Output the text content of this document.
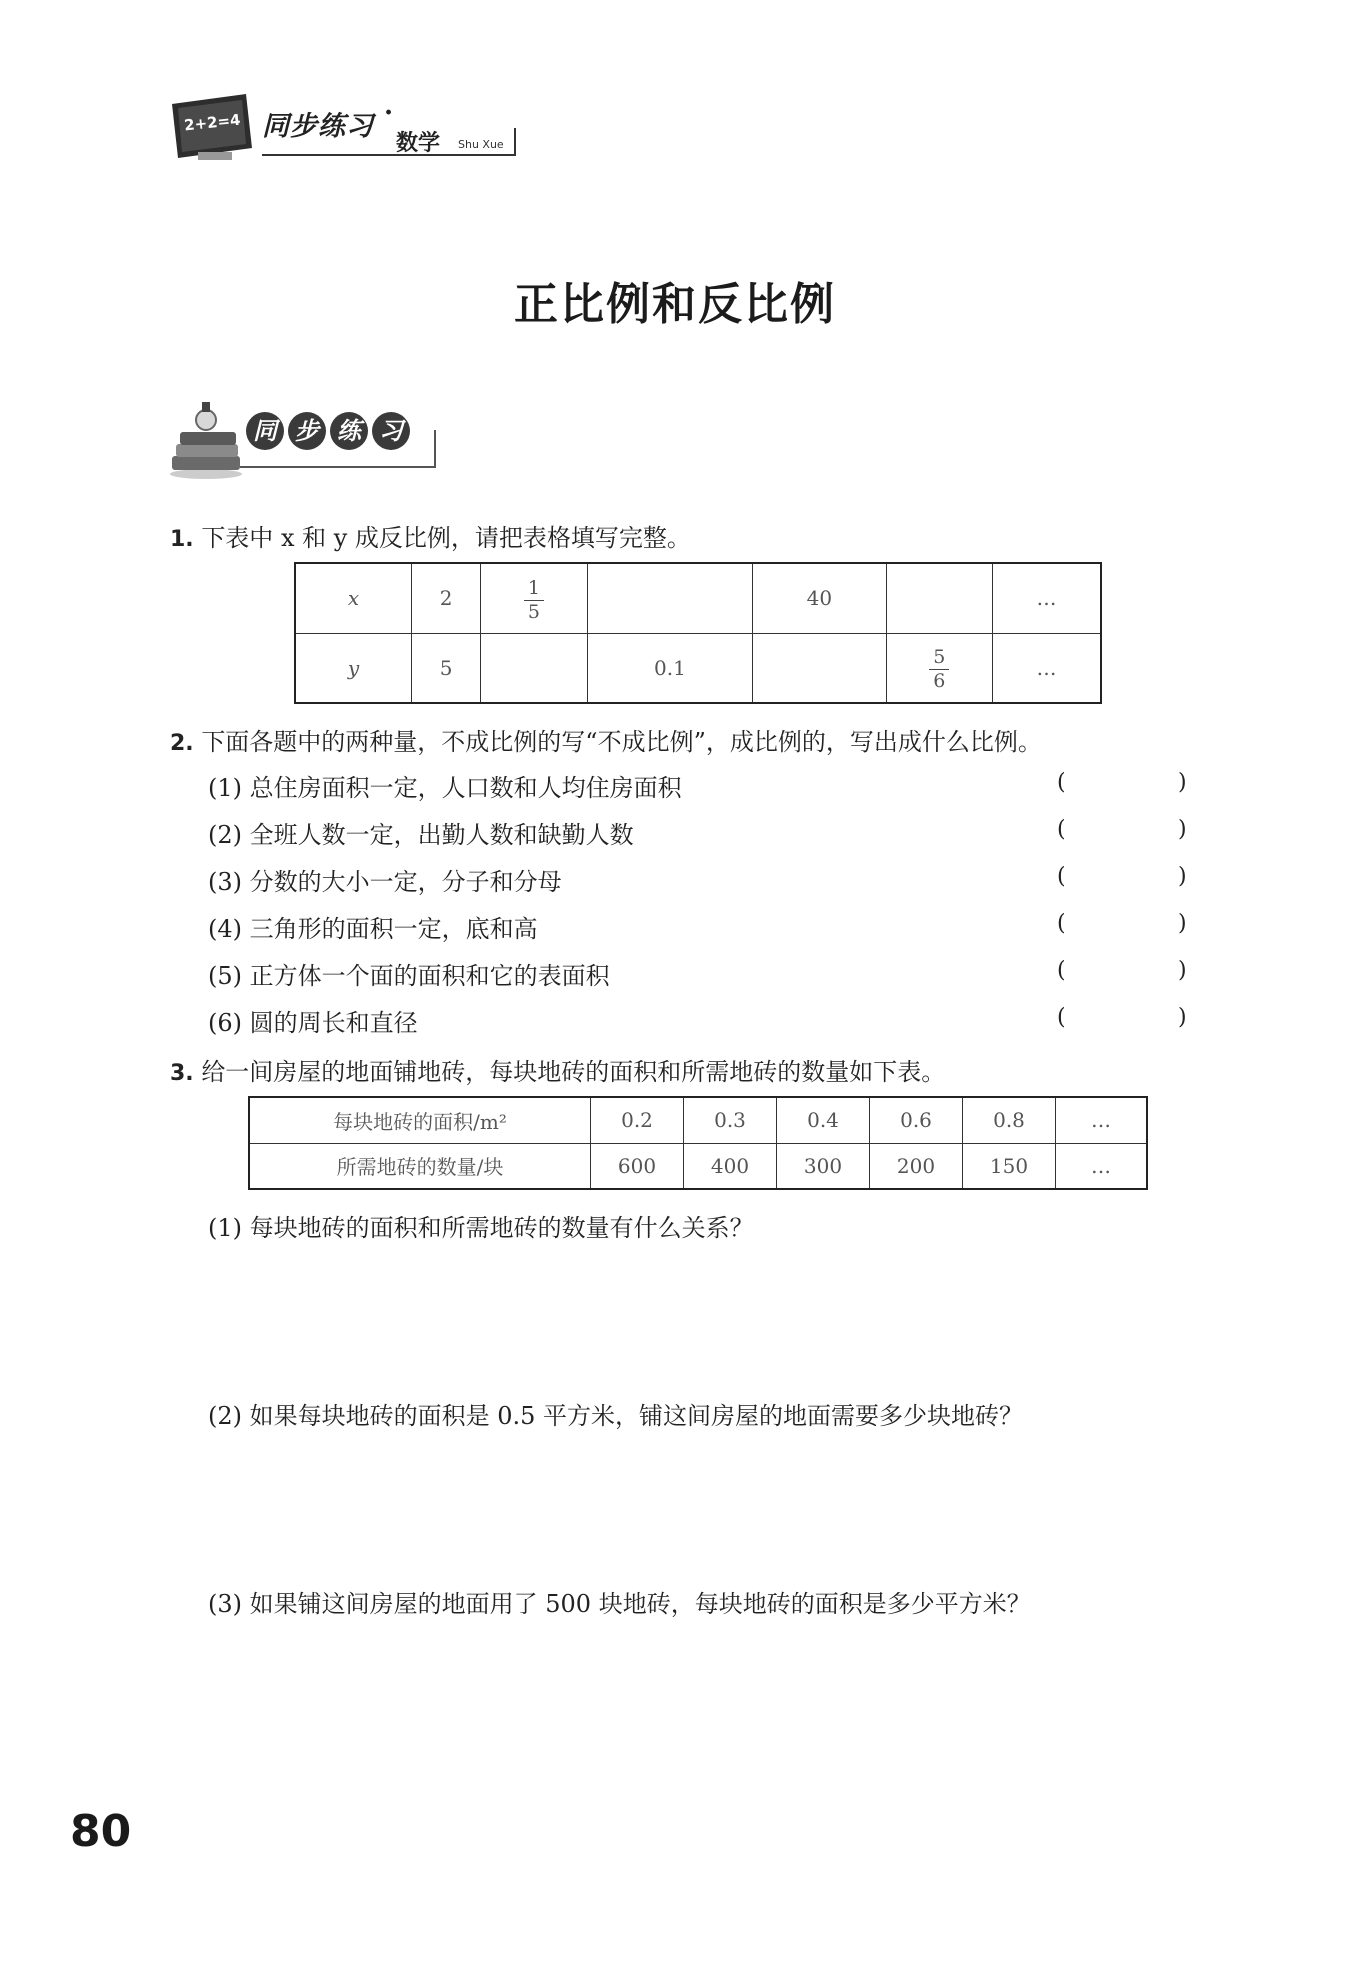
2+2=4 同步练习 ·
数学 Shu Xue
正比例和反比例
同 步 练 习
1. 下表中 x 和 y 成反比例，请把表格填写完整。
x	2	$\frac{1}{5}$		40		…
y	5		0.1		$\frac{5}{6}$	…
2. 下面各题中的两种量，不成比例的写“不成比例”，成比例的，写出成什么比例。
(1) 总住房面积一定，人口数和人均住房面积	(	)
(2) 全班人数一定，出勤人数和缺勤人数	(	)
(3) 分数的大小一定，分子和分母	(	)
(4) 三角形的面积一定，底和高	(	)
(5) 正方体一个面的面积和它的表面积	(	)
(6) 圆的周长和直径	(	)
3. 给一间房屋的地面铺地砖，每块地砖的面积和所需地砖的数量如下表。
每块地砖的面积/m²	0.2	0.3	0.4	0.6	0.8	…
所需地砖的数量/块	600	400	300	200	150	…
(1) 每块地砖的面积和所需地砖的数量有什么关系？
(2) 如果每块地砖的面积是 0.5 平方米，铺这间房屋的地面需要多少块地砖？
(3) 如果铺这间房屋的地面用了 500 块地砖，每块地砖的面积是多少平方米？
80
